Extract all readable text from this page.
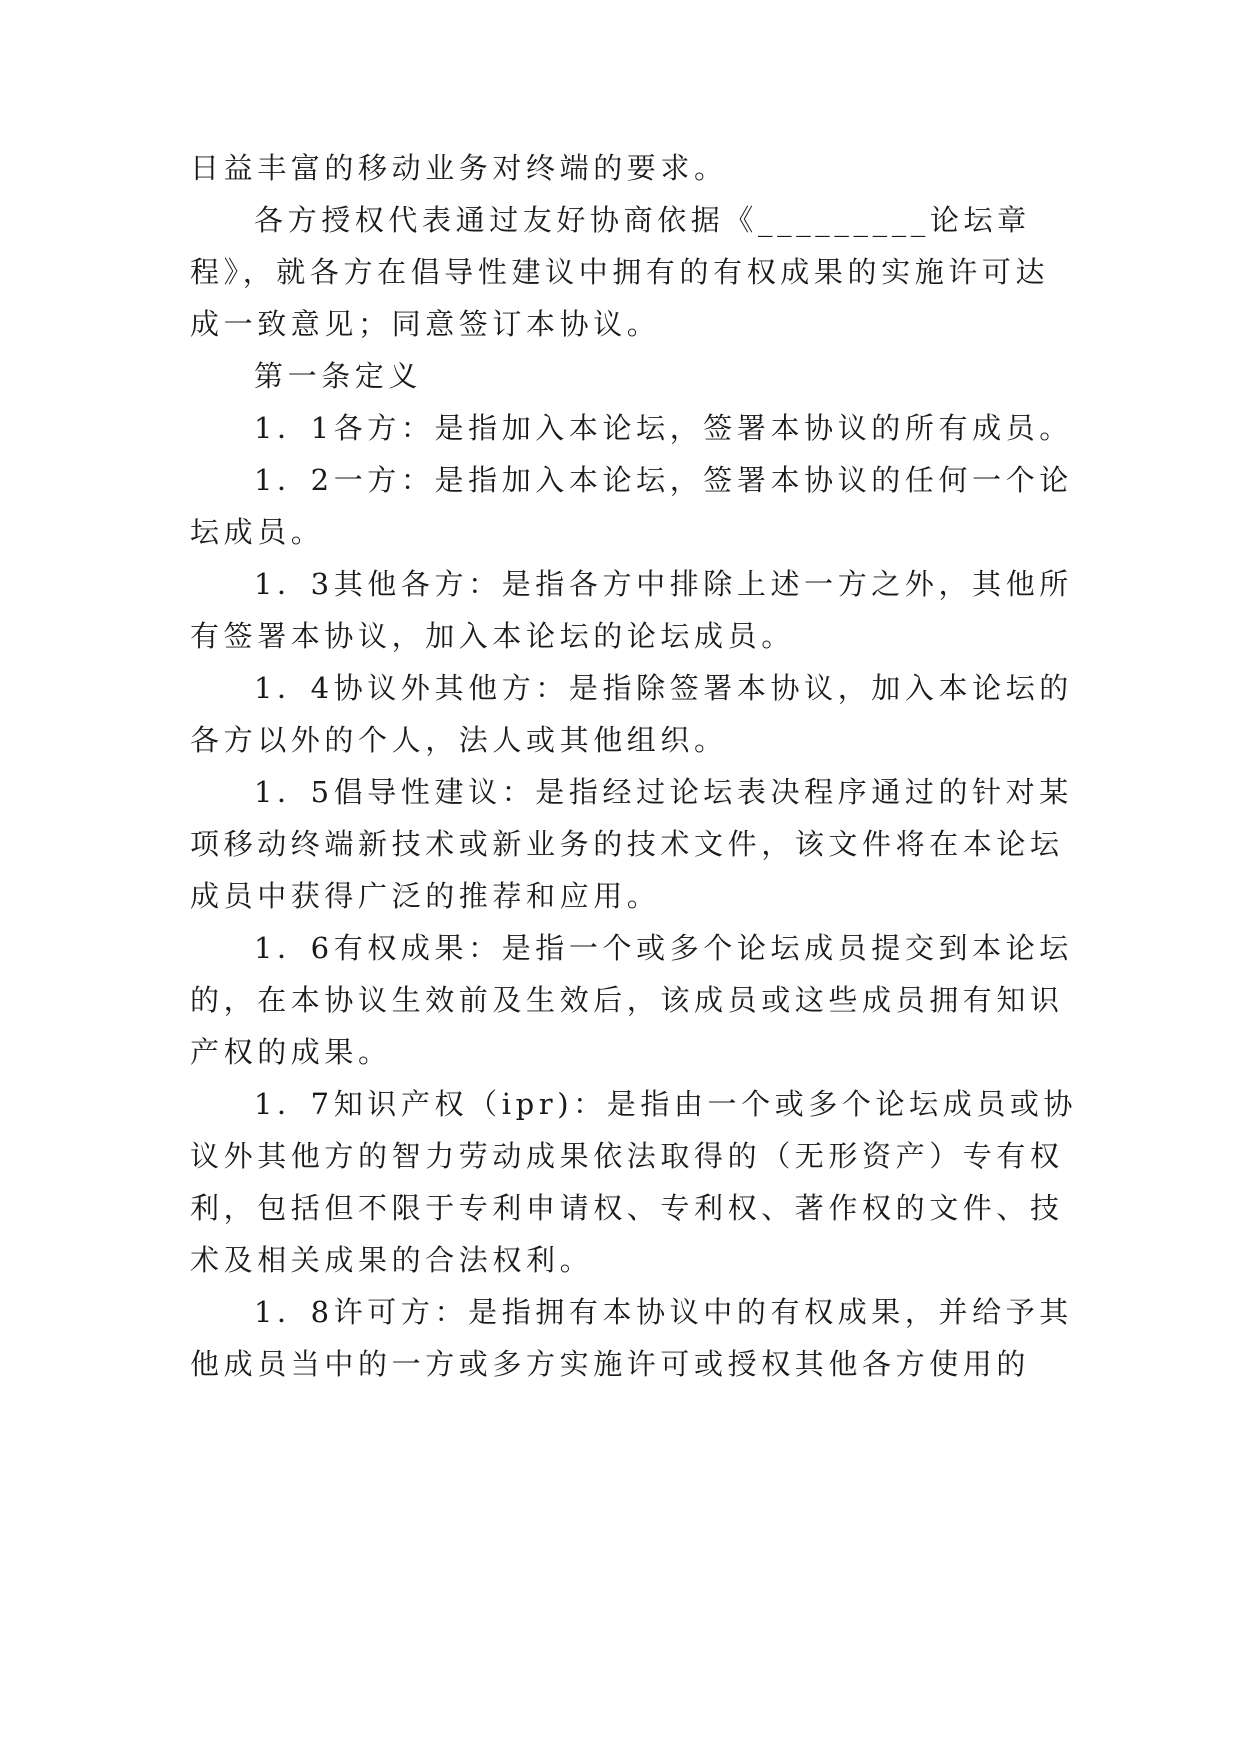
日益丰富的移动业务对终端的要求。
各方授权代表通过友好协商依据《_________论坛章
程》，就各方在倡导性建议中拥有的有权成果的实施许可达
成一致意见；同意签订本协议。
第一条定义
1．1各方：是指加入本论坛，签署本协议的所有成员。
1．2一方：是指加入本论坛，签署本协议的任何一个论
坛成员。
1．3其他各方：是指各方中排除上述一方之外，其他所
有签署本协议，加入本论坛的论坛成员。
1．4协议外其他方：是指除签署本协议，加入本论坛的
各方以外的个人，法人或其他组织。
1．5倡导性建议：是指经过论坛表决程序通过的针对某
项移动终端新技术或新业务的技术文件，该文件将在本论坛
成员中获得广泛的推荐和应用。
1．6有权成果：是指一个或多个论坛成员提交到本论坛
的，在本协议生效前及生效后，该成员或这些成员拥有知识
产权的成果。
1．7知识产权（ipr)：是指由一个或多个论坛成员或协
议外其他方的智力劳动成果依法取得的（无形资产）专有权
利，包括但不限于专利申请权、专利权、著作权的文件、技
术及相关成果的合法权利。
1．8许可方：是指拥有本协议中的有权成果，并给予其
他成员当中的一方或多方实施许可或授权其他各方使用的
